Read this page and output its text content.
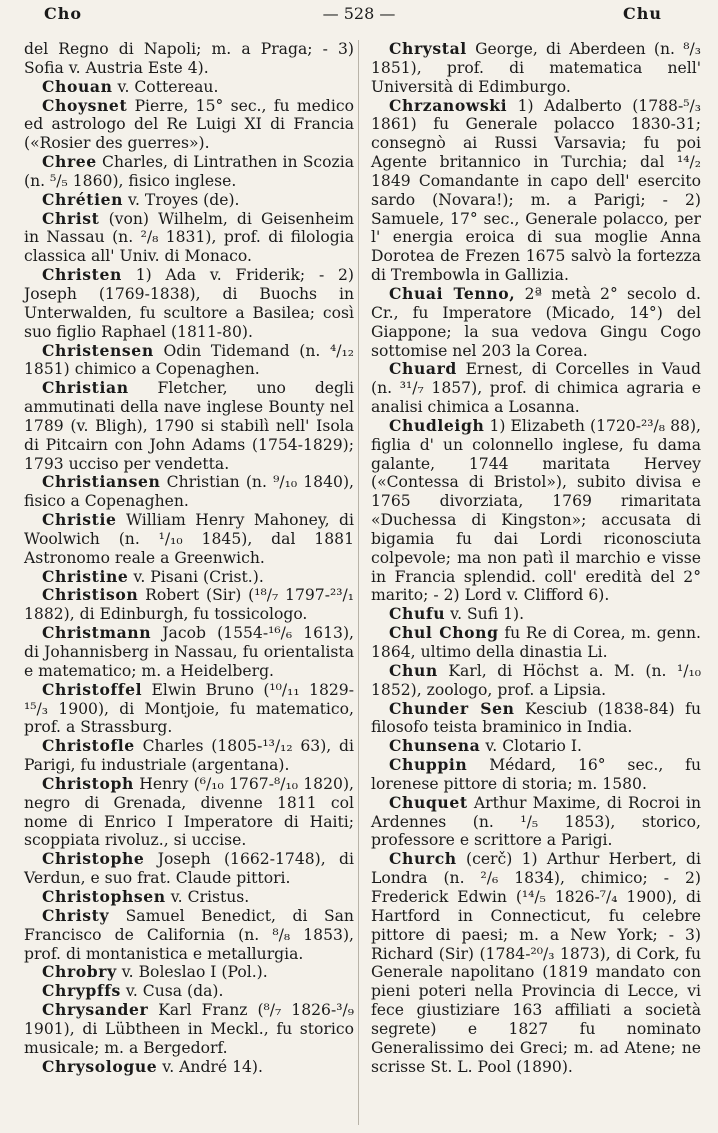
Cho	— 528 —	Chu

del Regno di Napoli; m. a Praga; - 3) Sofia v. Austria Este 4).

Chouan v. Cottereau.

Choysnet Pierre, 15° sec., fu medico ed astrologo del Re Luigi XI di Francia («Rosier des guerres»).

Chree Charles, di Lintrathen in Scozia (n. ⁵/₅ 1860), fisico inglese.

Chrétien v. Troyes (de).

Christ (von) Wilhelm, di Geisenheim in Nassau (n. ²/₈ 1831), prof. di filologia classica all' Univ. di Monaco.

Christen 1) Ada v. Friderik; - 2) Joseph (1769-1838), di Buochs in Unterwalden, fu scultore a Basilea; così suo figlio Raphael (1811-80).

Christensen Odin Tidemand (n. ⁴/₁₂ 1851) chimico a Copenaghen.

Christian Fletcher, uno degli ammutinati della nave inglese Bounty nel 1789 (v. Bligh), 1790 si stabilì nell' Isola di Pitcairn con John Adams (1754-1829); 1793 ucciso per vendetta.

Christiansen Christian (n. ⁹/₁₀ 1840), fisico a Copenaghen.

Christie William Henry Mahoney, di Woolwich (n. ¹/₁₀ 1845), dal 1881 Astronomo reale a Greenwich.

Christine v. Pisani (Crist.).

Christison Robert (Sir) (¹⁸/₇ 1797-²³/₁ 1882), di Edinburgh, fu tossicologo.

Christmann Jacob (1554-¹⁶/₆ 1613), di Johannisberg in Nassau, fu orientalista e matematico; m. a Heidelberg.

Christoffel Elwin Bruno (¹⁰/₁₁ 1829-¹⁵/₃ 1900), di Montjoie, fu matematico, prof. a Strassburg.

Christofle Charles (1805-¹³/₁₂ 63), di Parigi, fu industriale (argentana).

Christoph Henry (⁶/₁₀ 1767-⁸/₁₀ 1820), negro di Grenada, divenne 1811 col nome di Enrico I Imperatore di Haiti; scoppiata rivoluz., si uccise.

Christophe Joseph (1662-1748), di Verdun, e suo frat. Claude pittori.

Christophsen v. Cristus.

Christy Samuel Benedict, di San Francisco de California (n. ⁸/₈ 1853), prof. di montanistica e metallurgia.

Chrobry v. Boleslao I (Pol.).

Chrypffs v. Cusa (da).

Chrysander Karl Franz (⁸/₇ 1826-³/₉ 1901), di Lübtheen in Meckl., fu storico musicale; m. a Bergedorf.

Chrysologue v. André 14).

Chrystal George, di Aberdeen (n. ⁸/₃ 1851), prof. di matematica nell' Università di Edimburgo.

Chrzanowski 1) Adalberto (1788-⁵/₃ 1861) fu Generale polacco 1830-31; consegnò ai Russi Varsavia; fu poi Agente britannico in Turchia; dal ¹⁴/₂ 1849 Comandante in capo dell' esercito sardo (Novara!); m. a Parigi; - 2) Samuele, 17° sec., Generale polacco, per l' energia eroica di sua moglie Anna Dorotea de Frezen 1675 salvò la fortezza di Trembowla in Gallizia.

Chuai Tenno, 2ª metà 2° secolo d. Cr., fu Imperatore (Micado, 14°) del Giappone; la sua vedova Gingu Cogo sottomise nel 203 la Corea.

Chuard Ernest, di Corcelles in Vaud (n. ³¹/₇ 1857), prof. di chimica agraria e analisi chimica a Losanna.

Chudleigh 1) Elizabeth (1720-²³/₈ 88), figlia d' un colonnello inglese, fu dama galante, 1744 maritata Hervey («Contessa di Bristol»), subito divisa e 1765 divorziata, 1769 rimaritata «Duchessa di Kingston»; accusata di bigamia fu dai Lordi riconosciuta colpevole; ma non patì il marchio e visse in Francia splendid. coll' eredità del 2° marito; - 2) Lord v. Clifford 6).

Chufu v. Sufi 1).

Chul Chong fu Re di Corea, m. genn. 1864, ultimo della dinastia Li.

Chun Karl, di Höchst a. M. (n. ¹/₁₀ 1852), zoologo, prof. a Lipsia.

Chunder Sen Kesciub (1838-84) fu filosofo teista braminico in India.

Chunsena v. Clotario I.

Chuppin Médard, 16° sec., fu lorenese pittore di storia; m. 1580.

Chuquet Arthur Maxime, di Rocroi in Ardennes (n. ¹/₅ 1853), storico, professore e scrittore a Parigi.

Church (cerč) 1) Arthur Herbert, di Londra (n. ²/₆ 1834), chimico; - 2) Frederick Edwin (¹⁴/₅ 1826-⁷/₄ 1900), di Hartford in Connecticut, fu celebre pittore di paesi; m. a New York; - 3) Richard (Sir) (1784-²⁰/₃ 1873), di Cork, fu Generale napolitano (1819 mandato con pieni poteri nella Provincia di Lecce, vi fece giustiziare 163 affiliati a società segrete) e 1827 fu nominato Generalissimo dei Greci; m. ad Atene; ne scrisse St. L. Pool (1890).
